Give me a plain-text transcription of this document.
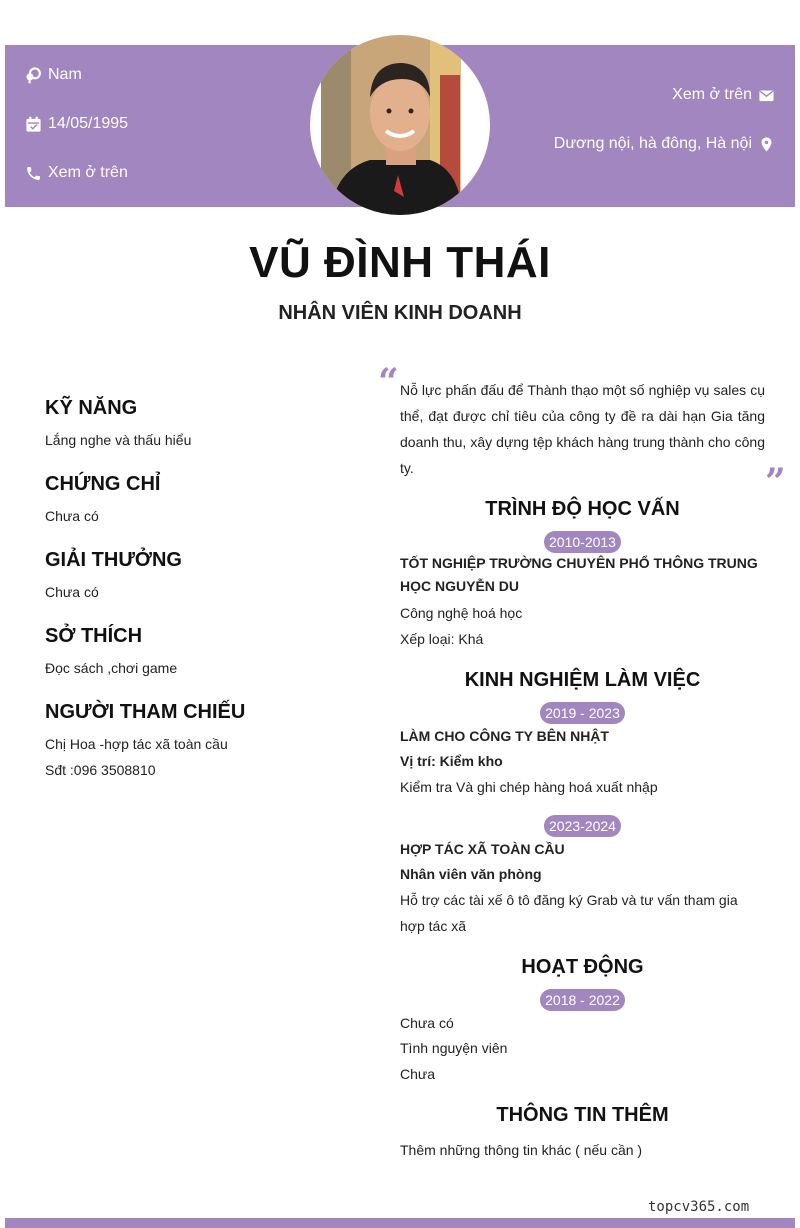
Nam
14/05/1995
Xem ở trên
Xem ở trên
Dương nội, hà đông, Hà nội
VŨ ĐÌNH THÁI
NHÂN VIÊN KINH DOANH
KỸ NĂNG
Lắng nghe và thấu hiểu
CHỨNG CHỈ
Chưa có
GIẢI THƯỞNG
Chưa có
SỞ THÍCH
Đọc sách ,chơi game
NGƯỜI THAM CHIẾU
Chị Hoa -hợp tác xã toàn cầu
Sđt :096 3508810
“ Nỗ lực phấn đấu để Thành thạo một số nghiệp vụ sales cụ thể, đạt được chỉ tiêu của công ty đề ra dài hạn Gia tăng doanh thu, xây dựng tệp khách hàng trung thành cho công ty.	”
TRÌNH ĐỘ HỌC VẤN
2010-2013
TỐT NGHIỆP TRƯỜNG CHUYÊN PHỔ THÔNG TRUNG HỌC NGUYỄN DU
Công nghệ hoá học
Xếp loại: Khá
KINH NGHIỆM LÀM VIỆC
2019 - 2023
LÀM CHO CÔNG TY BÊN NHẬT
Vị trí: Kiểm kho
Kiểm tra Và ghi chép hàng hoá xuất nhập
2023-2024
HỢP TÁC XÃ TOÀN CẦU
Nhân viên văn phòng
Hỗ trợ các tài xế ô tô đăng ký Grab và tư vấn tham gia hợp tác xã
HOẠT ĐỘNG
2018 - 2022
Chưa có
Tình nguyện viên
Chưa
THÔNG TIN THÊM
Thêm những thông tin khác ( nếu cần )
topcv365.com
